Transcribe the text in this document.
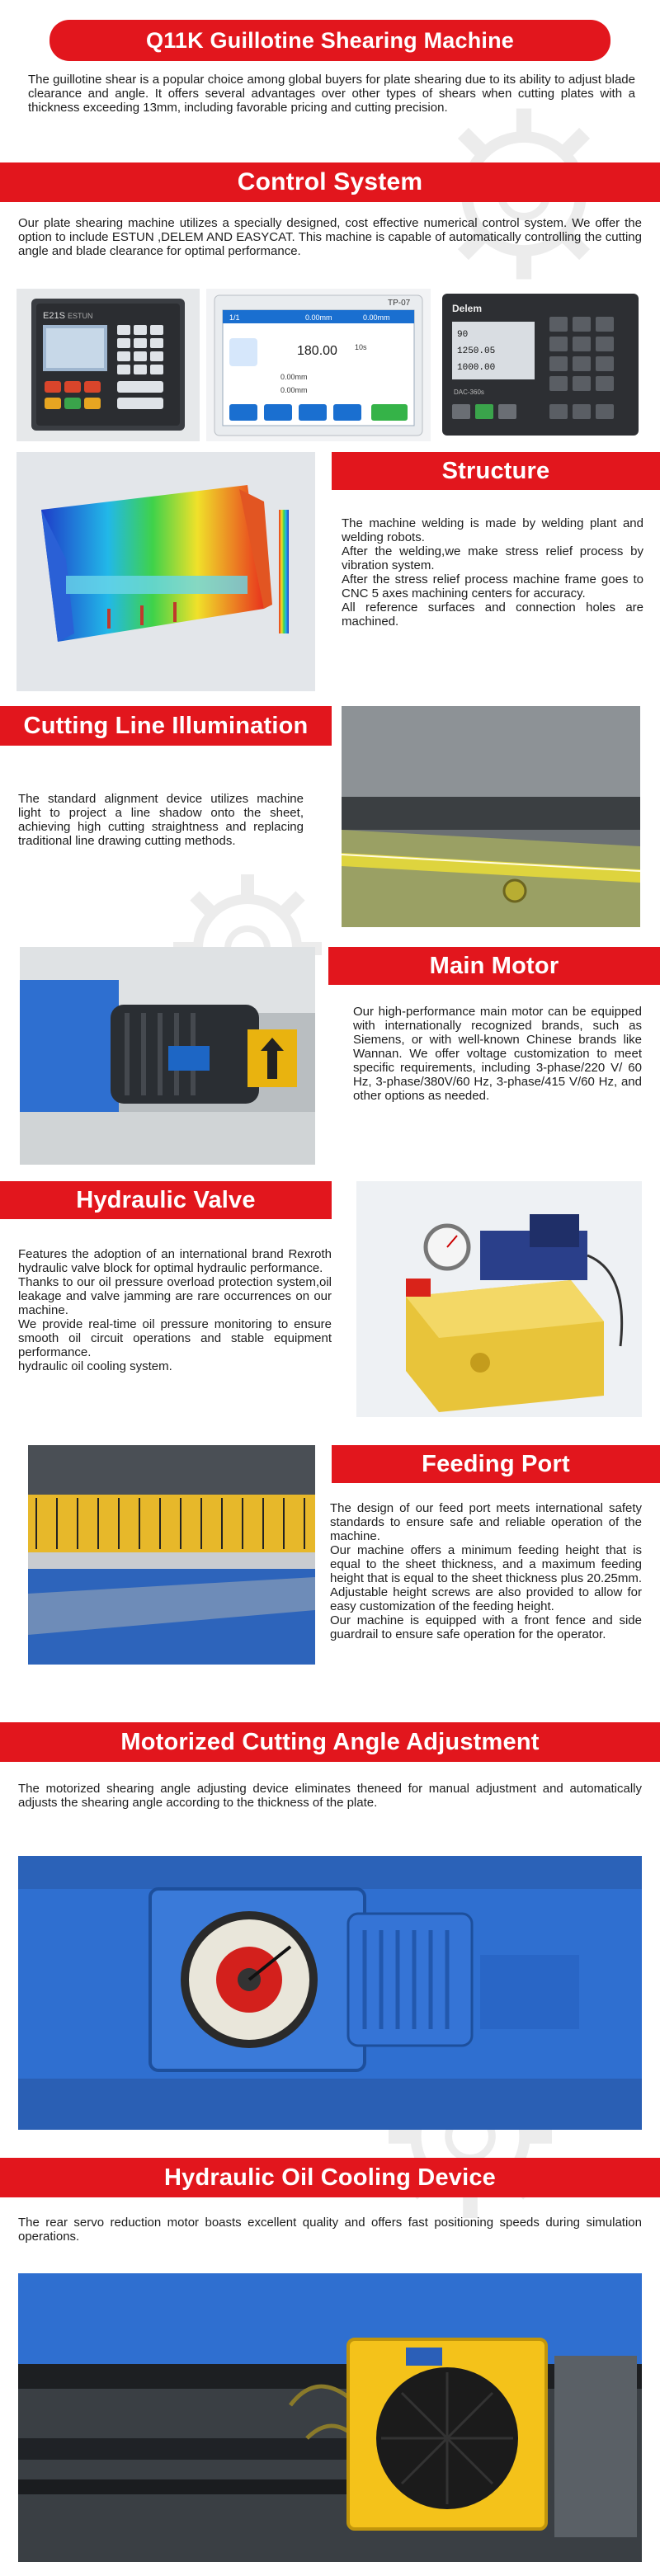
Q11K Guillotine Shearing Machine
The guillotine shear is a popular choice among global buyers for plate shearing due to its ability to adjust blade clearance and angle. It offers several advantages over other types of shears when cutting plates with a thickness exceeding 13mm, including favorable pricing and cutting precision.
Control System
Our plate shearing machine utilizes a specially designed, cost effective numerical control system. We offer the option to include ESTUN ,DELEM AND EASYCAT. This machine is capable of automatically controlling the cutting angle and blade clearance for optimal performance.
E21S ESTUN
TP-07
1/1	0.00mm	0.00mm
180.00 10s
0.00mm
0.00mm
Delem
90
1250.05
1000.00
DAC-360s
Structure

The machine welding is made by welding plant and welding robots.

After the welding,we make stress relief process by vibration system.

After the stress relief process machine frame goes to CNC 5 axes machining centers for accuracy.

All reference surfaces and connection holes are machined.

Cutting Line Illumination
The standard alignment device utilizes machine light to project a line shadow onto the sheet, achieving high cutting straightness and replacing traditional line drawing cutting methods.
Main Motor
Our high-performance main motor can be equipped with internationally recognized brands, such as Siemens, or with well-known Chinese brands like Wannan. We offer voltage customization to meet specific requirements, including 3-phase/220 V/ 60 Hz, 3-phase/380V/60 Hz, 3-phase/415 V/60 Hz, and other options as needed.
Hydraulic Valve

Features the adoption of an international brand Rexroth hydraulic valve block for optimal hydraulic performance.

Thanks to our oil pressure overload protection system,oil leakage and valve jamming are rare occurrences on our machine.

We provide real-time oil pressure monitoring to ensure smooth oil circuit operations and stable equipment performance.

hydraulic oil cooling system.

Feeding Port

The design of our feed port meets international safety standards to ensure safe and reliable operation of the machine.

Our machine offers a minimum feeding height that is equal to the sheet thickness, and a maximum feeding height that is equal to the sheet thickness plus 20.25mm. Adjustable height screws are also provided to allow for easy customization of the feeding height.

Our machine is equipped with a front fence and side guardrail to ensure safe operation for the operator.

Motorized Cutting Angle Adjustment
The motorized shearing angle adjusting device eliminates theneed for manual adjustment and automatically adjusts the shearing angle according to the thickness of the plate.
Hydraulic Oil Cooling Device
The rear servo reduction motor boasts excellent quality and offers fast positioning speeds during simulation operations.
